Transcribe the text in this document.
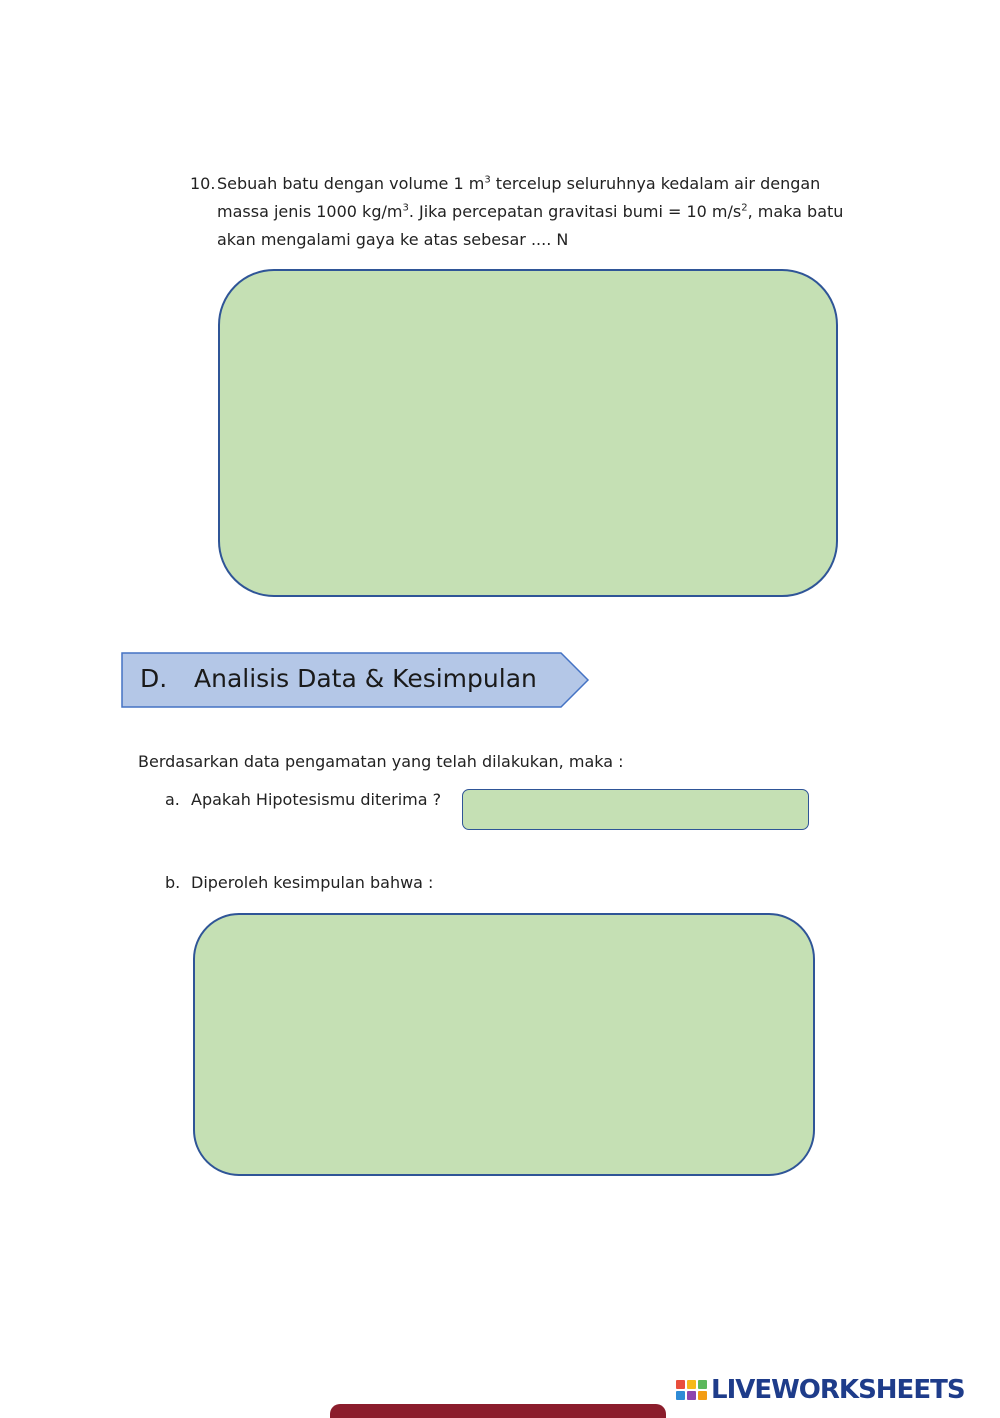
10. Sebuah batu dengan volume 1 $m^3$ tercelup seluruhnya kedalam air dengan massa jenis 1000 $kg/m^3$. Jika percepatan gravitasi bumi = 10 $m/s^2$, maka batu akan mengalami gaya ke atas sebesar .... N
D. Analisis Data & Kesimpulan
Berdasarkan data pengamatan yang telah dilakukan, maka :
a. Apakah Hipotesismu diterima ?
b. Diperoleh kesimpulan bahwa :
LIVEWORKSHEETS
